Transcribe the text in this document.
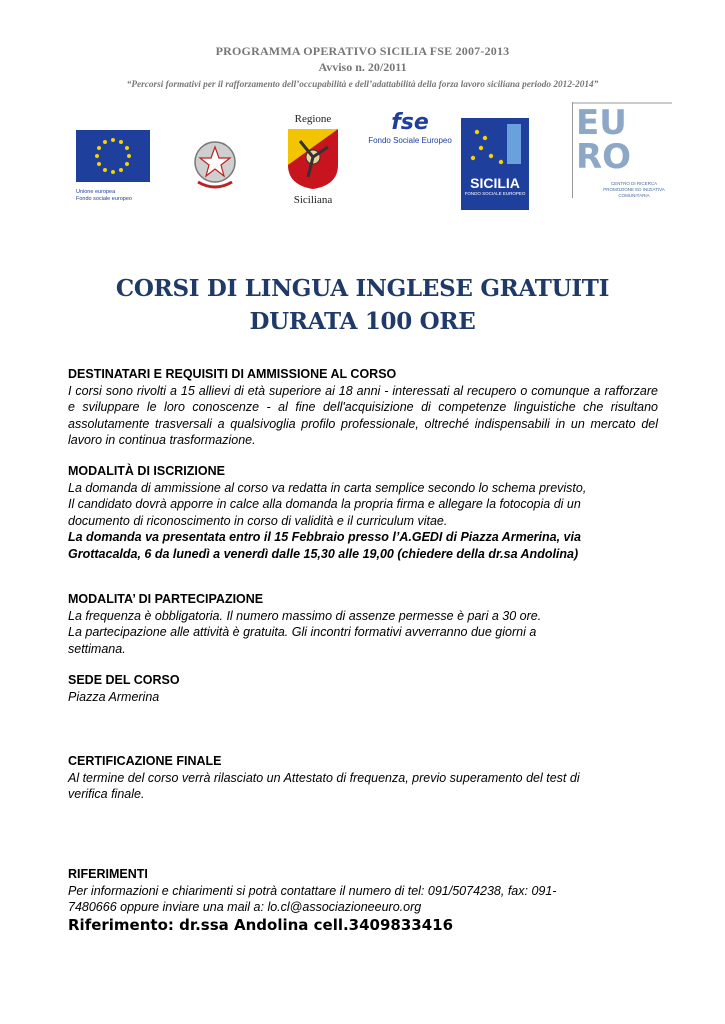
PROGRAMMA OPERATIVO SICILIA FSE 2007-2013
Avviso n. 20/2011
“Percorsi formativi per il rafforzamento dell’occupabilità e dell’adattabilità della forza lavoro siciliana periodo 2012-2014”
Unione europea
Fondo sociale europeo
Regione
Siciliana
fse
Fondo Sociale Europeo
SICILIA
FONDO SOCIALE EUROPEO
EU
RO
CENTRO DI RICERCA PROMOZIONE ED INIZIATIVA COMUNITARIA
CORSI DI LINGUA INGLESE GRATUITI
DURATA 100 ORE
DESTINATARI E REQUISITI DI AMMISSIONE AL CORSO
I corsi sono rivolti a 15 allievi di età superiore ai 18 anni - interessati al recupero o comunque a rafforzare e sviluppare le loro conoscenze - al fine dell'acquisizione di competenze linguistiche che risultano assolutamente trasversali a qualsivoglia profilo professionale, oltreché indispensabili in un mercato del lavoro in continua trasformazione.
MODALITÀ DI ISCRIZIONE
La domanda di ammissione al corso va redatta in carta semplice secondo lo schema previsto,
Il candidato dovrà apporre in calce alla domanda la propria firma e allegare la fotocopia di un
documento di riconoscimento in corso di validità e il curriculum vitae.
La domanda va presentata entro il 15 Febbraio presso l’A.GEDI di Piazza Armerina, via
Grottacalda, 6 da lunedì a venerdì dalle 15,30 alle 19,00 (chiedere della dr.sa Andolina)
MODALITA’ DI PARTECIPAZIONE
La frequenza è obbligatoria. Il numero massimo di assenze permesse è pari a 30 ore.
La partecipazione alle attività è gratuita. Gli incontri formativi avverranno due giorni a
settimana.
SEDE DEL CORSO
Piazza Armerina
CERTIFICAZIONE FINALE
Al termine del corso verrà rilasciato un Attestato di frequenza, previo superamento del test di
verifica finale.
RIFERIMENTI
Per informazioni e chiarimenti si potrà contattare il numero di tel: 091/5074238, fax: 091-
7480666 oppure inviare una mail a: lo.cl@associazioneeuro.org
Riferimento: dr.ssa Andolina cell.3409833416
